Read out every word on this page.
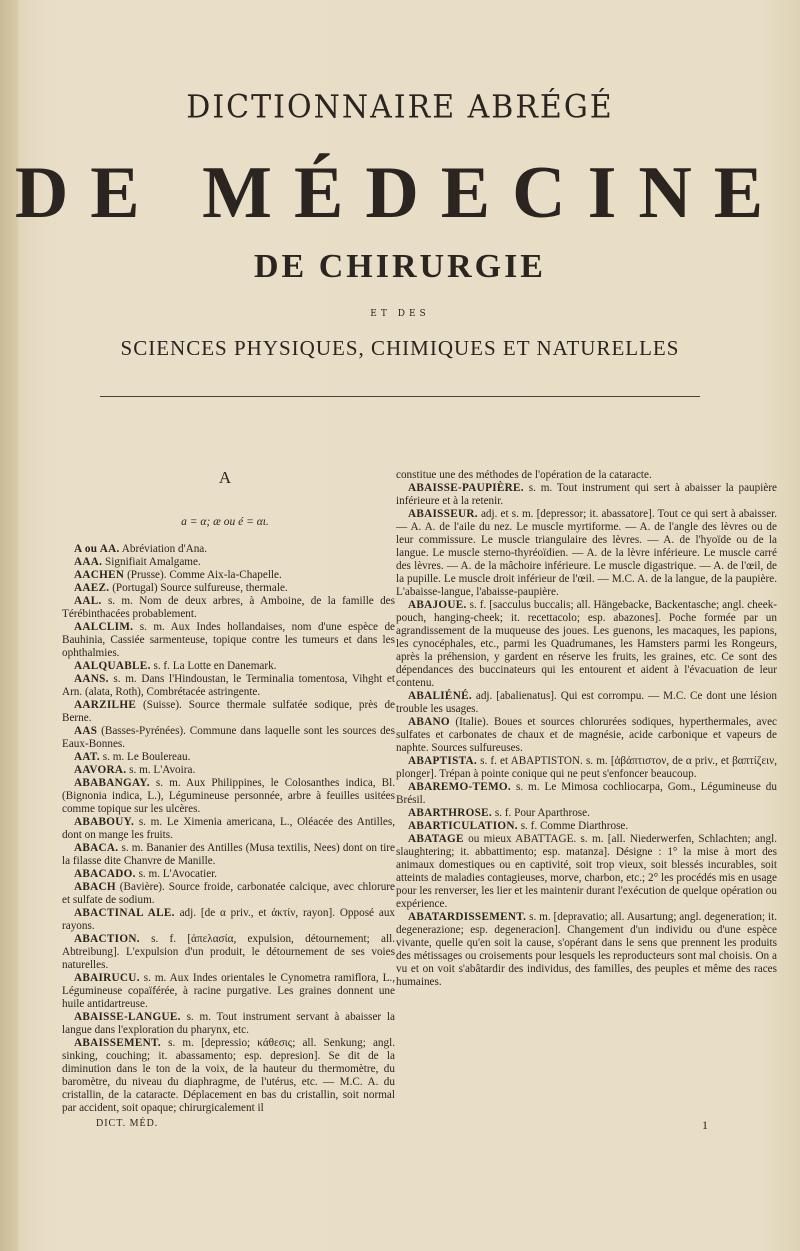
DICTIONNAIRE ABRÉGÉ
DE MÉDECINE
DE CHIRURGIE
ET DES
SCIENCES PHYSIQUES, CHIMIQUES ET NATURELLES
A
a = α; æ ou é = αι.

A ou AA. Abréviation d'Ana.

AAA. Signifiait Amalgame.

AACHEN (Prusse). Comme Aix-la-Chapelle.

AAEZ. (Portugal) Source sulfureuse, thermale.

AAL. s. m. Nom de deux arbres, à Amboine, de la famille des Térébinthacées probablement.

AALCLIM. s. m. Aux Indes hollandaises, nom d'une espèce de Bauhinia, Cassiée sarmenteuse, topique contre les tumeurs et dans les ophthalmies.

AALQUABLE. s. f. La Lotte en Danemark.

AANS. s. m. Dans l'Hindoustan, le Terminalia tomentosa, Vihght et Arn. (alata, Roth), Combrétacée astringente.

AARZILHE (Suisse). Source thermale sulfatée sodique, près de Berne.

AAS (Basses-Pyrénées). Commune dans laquelle sont les sources des Eaux-Bonnes.

AAT. s. m. Le Boulereau.

AAVORA. s. m. L'Avoira.

ABABANGAY. s. m. Aux Philippines, le Colosanthes indica, Bl. (Bignonia indica, L.), Légumineuse personnée, arbre à feuilles usitées comme topique sur les ulcères.

ABABOUY. s. m. Le Ximenia americana, L., Oléacée des Antilles, dont on mange les fruits.

ABACA. s. m. Bananier des Antilles (Musa textilis, Nees) dont on tire la filasse dite Chanvre de Manille.

ABACADO. s. m. L'Avocatier.

ABACH (Bavière). Source froide, carbonatée calcique, avec chlorure et sulfate de sodium.

ABACTINAL ALE. adj. [de α priv., et ἀκτίν, rayon]. Opposé aux rayons.

ABACTION. s. f. [ἀπελασία, expulsion, détournement; all. Abtreibung]. L'expulsion d'un produit, le détournement de ses voies naturelles.

ABAIRUCU. s. m. Aux Indes orientales le Cynometra ramiflora, L., Légumineuse copaïférée, à racine purgative. Les graines donnent une huile antidartreuse.

ABAISSE-LANGUE. s. m. Tout instrument servant à abaisser la langue dans l'exploration du pharynx, etc.

ABAISSEMENT. s. m. [depressio; κάθεσις; all. Senkung; angl. sinking, couching; it. abassamento; esp. depresion]. Se dit de la diminution dans le ton de la voix, de la hauteur du thermomètre, du baromètre, du niveau du diaphragme, de l'utérus, etc. — M.C. A. du cristallin, de la cataracte. Déplacement en bas du cristallin, soit normal par accident, soit opaque; chirurgicalement il

constitue une des méthodes de l'opération de la cataracte.

ABAISSE-PAUPIÈRE. s. m. Tout instrument qui sert à abaisser la paupière inférieure et à la retenir.

ABAISSEUR. adj. et s. m. [depressor; it. abassatore]. Tout ce qui sert à abaisser. — A. A. de l'aile du nez. Le muscle myrtiforme. — A. de l'angle des lèvres ou de leur commissure. Le muscle triangulaire des lèvres. — A. de l'hyoïde ou de la langue. Le muscle sterno-thyréoïdien. — A. de la lèvre inférieure. Le muscle carré des lèvres. — A. de la mâchoire inférieure. Le muscle digastrique. — A. de l'œil, de la pupille. Le muscle droit inférieur de l'œil. — M.C. A. de la langue, de la paupière. L'abaisse-langue, l'abaisse-paupière.

ABAJOUE. s. f. [sacculus buccalis; all. Hängebacke, Backentasche; angl. cheek-pouch, hanging-cheek; it. recettacolo; esp. abazones]. Poche formée par un agrandissement de la muqueuse des joues. Les guenons, les macaques, les papions, les cynocéphales, etc., parmi les Quadrumanes, les Hamsters parmi les Rongeurs, après la préhension, y gardent en réserve les fruits, les graines, etc. Ce sont des dépendances des buccinateurs qui les entourent et aident à l'évacuation de leur contenu.

ABALIÉNÉ. adj. [abalienatus]. Qui est corrompu. — M.C. Ce dont une lésion trouble les usages.

ABANO (Italie). Boues et sources chlorurées sodiques, hyperthermales, avec sulfates et carbonates de chaux et de magnésie, acide carbonique et vapeurs de naphte. Sources sulfureuses.

ABAPTISTA. s. f. et ABAPTISTON. s. m. [ἀβάπτιστον, de α priv., et βαπτίζειν, plonger]. Trépan à pointe conique qui ne peut s'enfoncer beaucoup.

ABAREMO-TEMO. s. m. Le Mimosa cochliocarpa, Gom., Légumineuse du Brésil.

ABARTHROSE. s. f. Pour Aparthrose.

ABARTICULATION. s. f. Comme Diarthrose.

ABATAGE ou mieux ABATTAGE. s. m. [all. Niederwerfen, Schlachten; angl. slaughtering; it. abbattimento; esp. matanza]. Désigne : 1° la mise à mort des animaux domestiques ou en captivité, soit trop vieux, soit blessés incurables, soit atteints de maladies contagieuses, morve, charbon, etc.; 2° les procédés mis en usage pour les renverser, les lier et les maintenir durant l'exécution de quelque opération ou expérience.

ABATARDISSEMENT. s. m. [depravatio; all. Ausartung; angl. degeneration; it. degenerazione; esp. degeneracion]. Changement d'un individu ou d'une espèce vivante, quelle qu'en soit la cause, s'opérant dans le sens que prennent les produits des métissages ou croisements pour lesquels les reproducteurs sont mal choisis. On a vu et on voit s'abâtardir des individus, des familles, des peuples et même des races humaines.

DICT. MÉD.	1
